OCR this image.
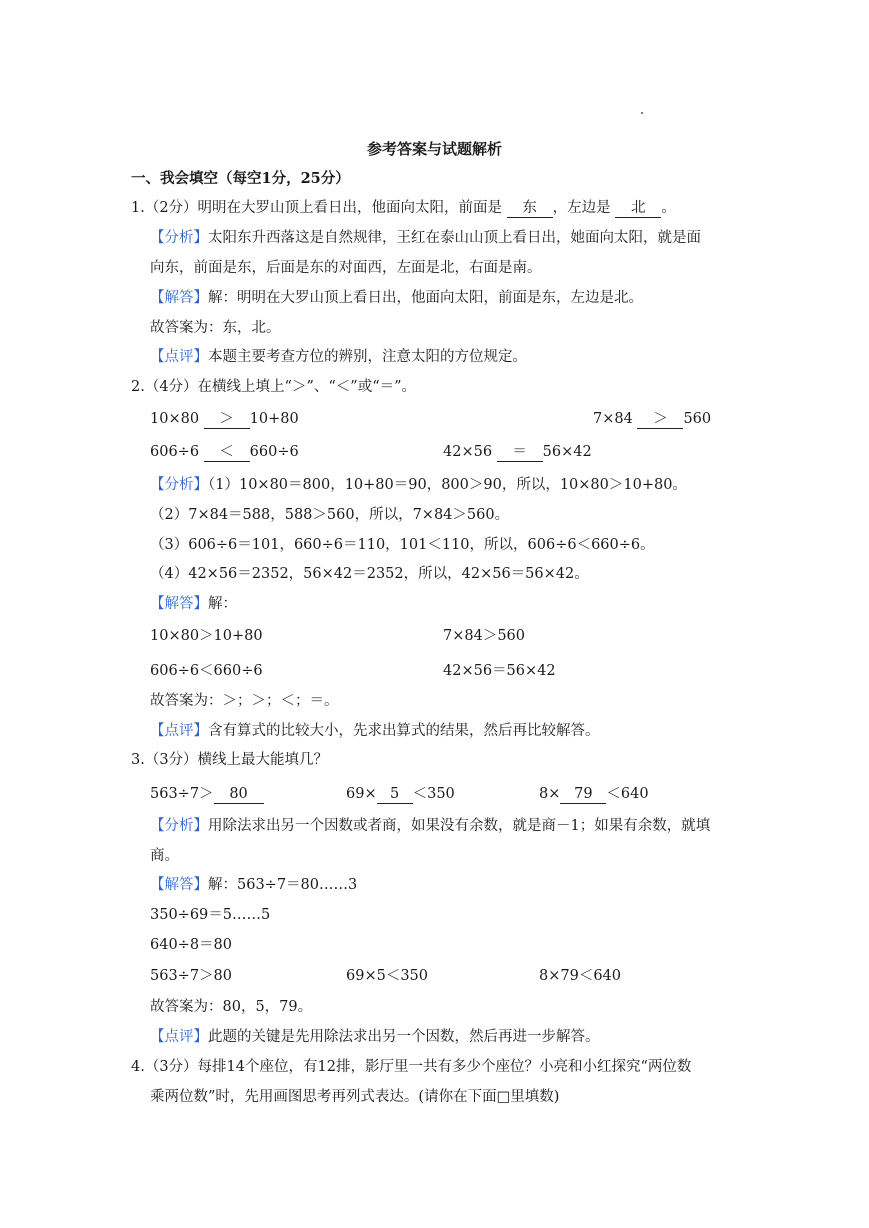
参考答案与试题解析
一、我会填空（每空1分，25分）
1.（2分）明明在大罗山顶上看日出，他面向太阳，前面是 东 ，左边是 北 。
【分析】太阳东升西落这是自然规律，王红在泰山山顶上看日出，她面向太阳，就是面
向东，前面是东，后面是东的对面西，左面是北，右面是南。
【解答】解：明明在大罗山顶上看日出，他面向太阳，前面是东，左边是北。
故答案为：东，北。
【点评】本题主要考查方位的辨别，注意太阳的方位规定。
2.（4分）在横线上填上“＞”、“＜”或“＝”。
10×80 ＞ 10+80	7×84 ＞ 560
606÷6 ＜ 660÷6	42×56 ＝ 56×42
【分析】（1）10×80＝800，10+80＝90，800＞90，所以，10×80＞10+80。
（2）7×84＝588，588＞560，所以，7×84＞560。
（3）606÷6＝101，660÷6＝110，101＜110，所以，606÷6＜660÷6。
（4）42×56＝2352，56×42＝2352，所以，42×56＝56×42。
【解答】解：
10×80＞10+80	7×84＞560
606÷6＜660÷6	42×56＝56×42
故答案为：＞；＞；＜；＝。
【点评】含有算式的比较大小，先求出算式的结果，然后再比较解答。
3.（3分）横线上最大能填几？
563÷7＞ 80	69× 5 ＜350	8× 79 ＜640
【分析】用除法求出另一个因数或者商，如果没有余数，就是商－1；如果有余数，就填
商。
【解答】解：563÷7＝80……3
350÷69＝5……5
640÷8＝80
563÷7＞80	69×5＜350	8×79＜640
故答案为：80，5，79。
【点评】此题的关键是先用除法求出另一个因数，然后再进一步解答。
4.（3分）每排14个座位，有12排，影厅里一共有多少个座位？小亮和小红探究“两位数
乘两位数”时，先用画图思考再列式表达。(请你在下面□里填数)
